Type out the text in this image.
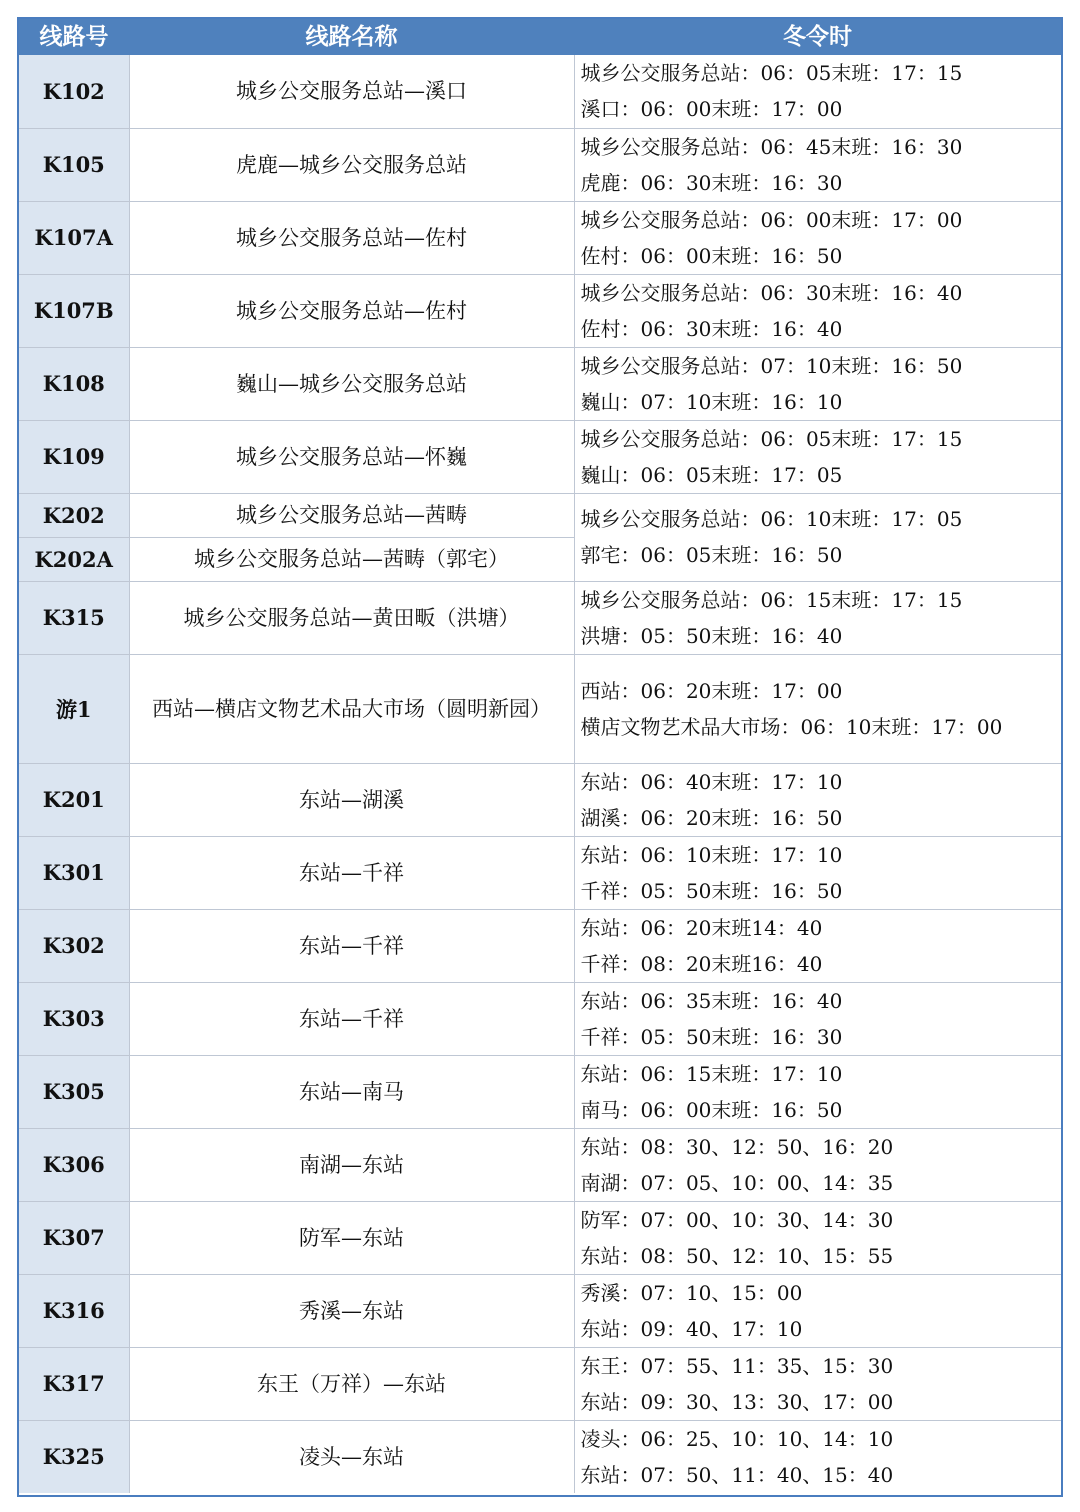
线路号	线路名称	冬令时
K102	城乡公交服务总站—溪口	城乡公交服务总站：06：05末班：17：15
溪口：06：00末班：17：00

K105	虎鹿—城乡公交服务总站	城乡公交服务总站：06：45末班：16：30
虎鹿：06：30末班：16：30

K107A	城乡公交服务总站—佐村	城乡公交服务总站：06：00末班：17：00
佐村：06：00末班：16：50

K107B	城乡公交服务总站—佐村	城乡公交服务总站：06：30末班：16：40
佐村：06：30末班：16：40

K108	巍山—城乡公交服务总站	城乡公交服务总站：07：10末班：16：50
巍山：07：10末班：16：10

K109	城乡公交服务总站—怀巍	城乡公交服务总站：06：05末班：17：15
巍山：06：05末班：17：05

K202	城乡公交服务总站—茜畴	城乡公交服务总站：06：10末班：17：05
郭宅：06：05末班：16：50

K202A	城乡公交服务总站—茜畴（郭宅）	
K315	城乡公交服务总站—黄田畈（洪塘）	城乡公交服务总站：06：15末班：17：15
洪塘：05：50末班：16：40

游1	西站—横店文物艺术品大市场（圆明新园）	西站：06：20末班：17：00
横店文物艺术品大市场：06：10末班：17：00

K201	东站—湖溪	东站：06：40末班：17：10
湖溪：06：20末班：16：50

K301	东站—千祥	东站：06：10末班：17：10
千祥：05：50末班：16：50

K302	东站—千祥	东站：06：20末班14：40
千祥：08：20末班16：40

K303	东站—千祥	东站：06：35末班：16：40
千祥：05：50末班：16：30

K305	东站—南马	东站：06：15末班：17：10
南马：06：00末班：16：50

K306	南湖—东站	东站：08：30、12：50、16：20
南湖：07：05、10：00、14：35

K307	防军—东站	防军：07：00、10：30、14：30
东站：08：50、12：10、15：55

K316	秀溪—东站	秀溪：07：10、15：00
东站：09：40、17：10

K317	东王（万祥）—东站	东王：07：55、11：35、15：30
东站：09：30、13：30、17：00

K325	凌头—东站	凌头：06：25、10：10、14：10
东站：07：50、11：40、15：40
